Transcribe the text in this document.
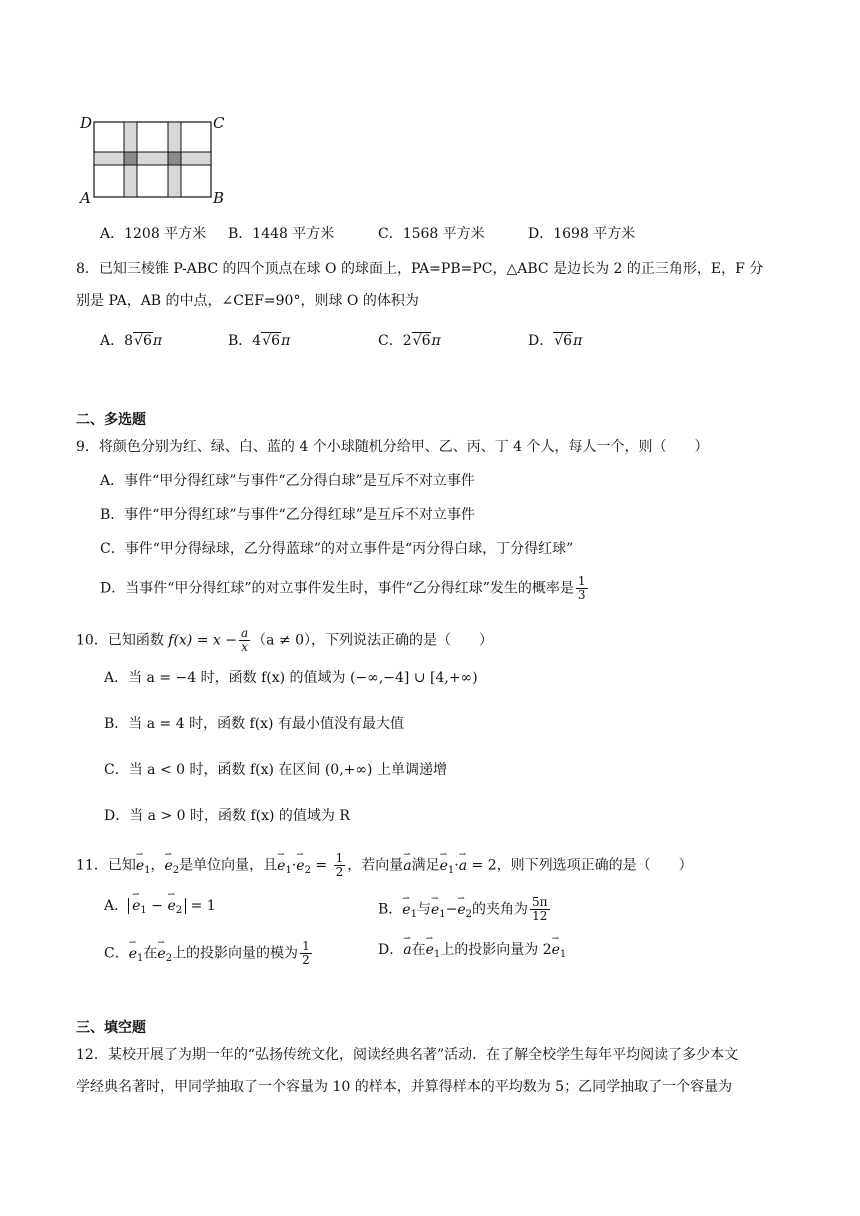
D	C
A	B
A．1208 平方米 B．1448 平方米	C．1568 平方米	D．1698 平方米
8．已知三棱锥 P-ABC 的四个顶点在球 O 的球面上，PA=PB=PC，△ABC 是边长为 2 的正三角形，E，F 分
别是 PA，AB 的中点，∠CEF=90°，则球 O 的体积为
A．8√6π	B．4√6π	C．2√6π	D．√6π
二、多选题
9．将颜色分别为红、绿、白、蓝的 4 个小球随机分给甲、乙、丙、丁 4 个人，每人一个，则（　　）
A．事件“甲分得红球”与事件“乙分得白球”是互斥不对立事件
B．事件“甲分得红球”与事件“乙分得红球”是互斥不对立事件
C．事件“甲分得绿球，乙分得蓝球”的对立事件是“丙分得白球，丁分得红球”
D．当事件“甲分得红球”的对立事件发生时，事件“乙分得红球”发生的概率是 $\frac{1}{3}$
10．已知函数 $f(x) = x - \frac{a}{x} (a \ne 0)$，下列说法正确的是（　　）
A．当 a = −4 时，函数 f(x) 的值域为 (−∞,−4] ∪ [4,+∞)
B．当 a = 4 时，函数 f(x) 有最小值没有最大值
C．当 a < 0 时，函数 f(x) 在区间 (0,+∞) 上单调递增
D．当 a > 0 时，函数 f(x) 的值域为 R
11．已知⇀ $e_1$，⇀ $e_2$是单位向量，且⇀ $e_1\cdot⇀$ $e_2 = \frac{1}{2}$ ，若向量⇀ a满足⇀ $e_1\cdot⇀$ a = 2，则下列选项正确的是（　　）
A．⇀ $e_1$ − ⇀ $e_2 = 1$	B．⇀ $e_1$与⇀ $e_1-⇀$ $e_2$的夹角为 $\frac{5\pi}{12}$
C．⇀ $e_1$在⇀ $e_2$上的投影向量的模为 $\frac{1}{2}$	D．⇀ a在⇀ $e_1$上的投影向量为 2⇀ $e_1$
三、填空题
12．某校开展了为期一年的“弘扬传统文化，阅读经典名著”活动．在了解全校学生每年平均阅读了多少本文
学经典名著时，甲同学抽取了一个容量为 10 的样本，并算得样本的平均数为 5；乙同学抽取了一个容量为
